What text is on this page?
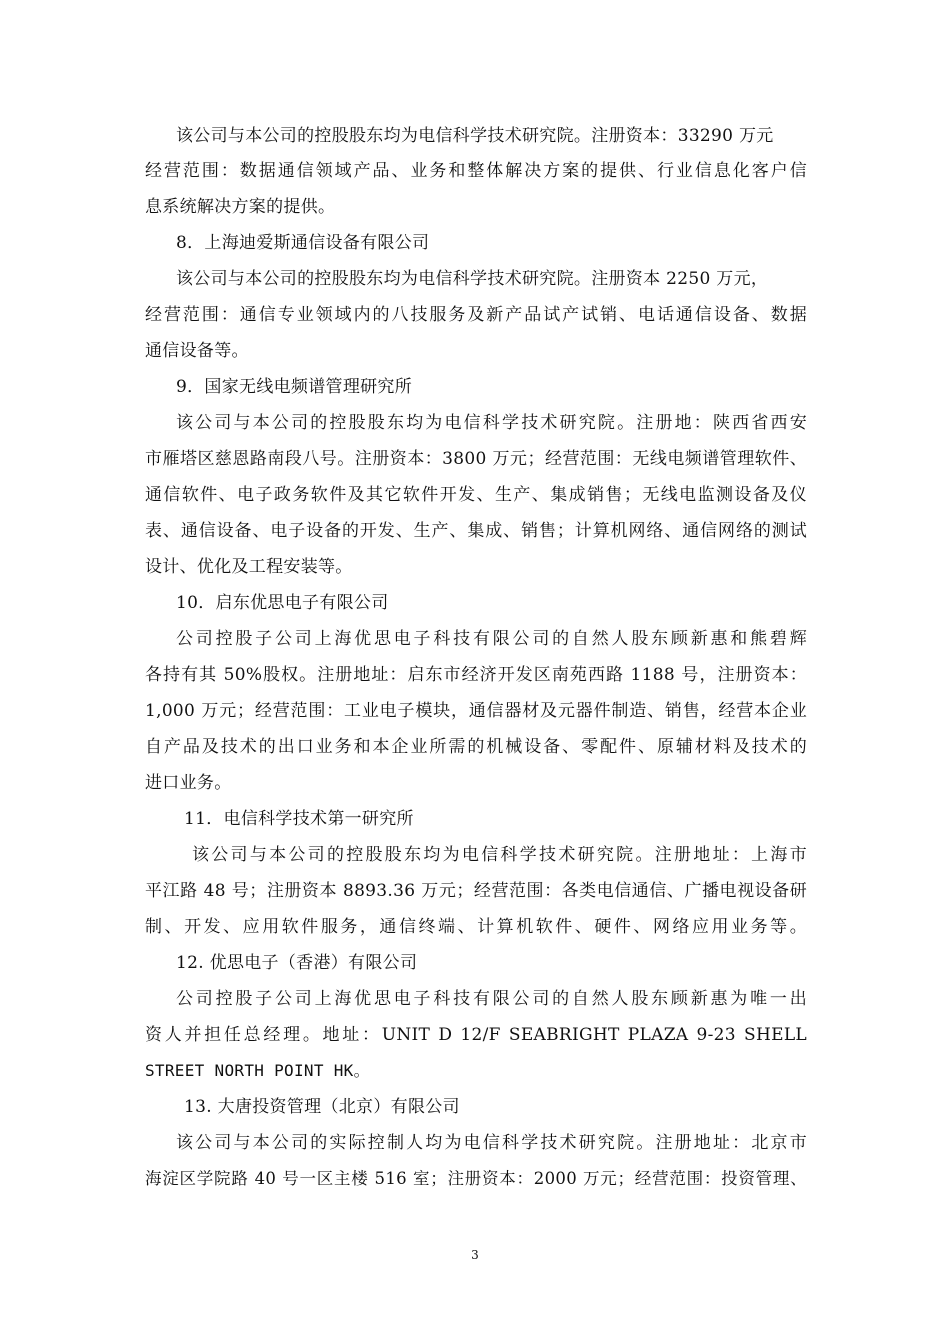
该公司与本公司的控股股东均为电信科学技术研究院。注册资本：33290 万元
经营范围：数据通信领域产品、业务和整体解决方案的提供、行业信息化客户信
息系统解决方案的提供。
8．上海迪爱斯通信设备有限公司
该公司与本公司的控股股东均为电信科学技术研究院。注册资本 2250 万元，
经营范围：通信专业领域内的八技服务及新产品试产试销、电话通信设备、数据
通信设备等。
9．国家无线电频谱管理研究所
该公司与本公司的控股股东均为电信科学技术研究院。注册地：陕西省西安
市雁塔区慈恩路南段八号。注册资本：3800 万元；经营范围：无线电频谱管理软件、
通信软件、电子政务软件及其它软件开发、生产、集成销售；无线电监测设备及仪
表、通信设备、电子设备的开发、生产、集成、销售；计算机网络、通信网络的测试
设计、优化及工程安装等。
10．启东优思电子有限公司
公司控股子公司上海优思电子科技有限公司的自然人股东顾新惠和熊碧辉
各持有其 50%股权。注册地址：启东市经济开发区南苑西路 1188 号，注册资本：
1,000 万元；经营范围：工业电子模块，通信器材及元器件制造、销售，经营本企业
自产品及技术的出口业务和本企业所需的机械设备、零配件、原辅材料及技术的
进口业务。
11．电信科学技术第一研究所
该公司与本公司的控股股东均为电信科学技术研究院。注册地址：上海市
平江路 48 号；注册资本 8893.36 万元；经营范围：各类电信通信、广播电视设备研
制、开发、应用软件服务，通信终端、计算机软件、硬件、网络应用业务等。
12. 优思电子（香港）有限公司
公司控股子公司上海优思电子科技有限公司的自然人股东顾新惠为唯一出
资人并担任总经理。地址：UNIT D 12/F SEABRIGHT PLAZA 9-23 SHELL
STREET NORTH POINT HK。
13. 大唐投资管理（北京）有限公司
该公司与本公司的实际控制人均为电信科学技术研究院。注册地址：北京市
海淀区学院路 40 号一区主楼 516 室；注册资本：2000 万元；经营范围：投资管理、
3
